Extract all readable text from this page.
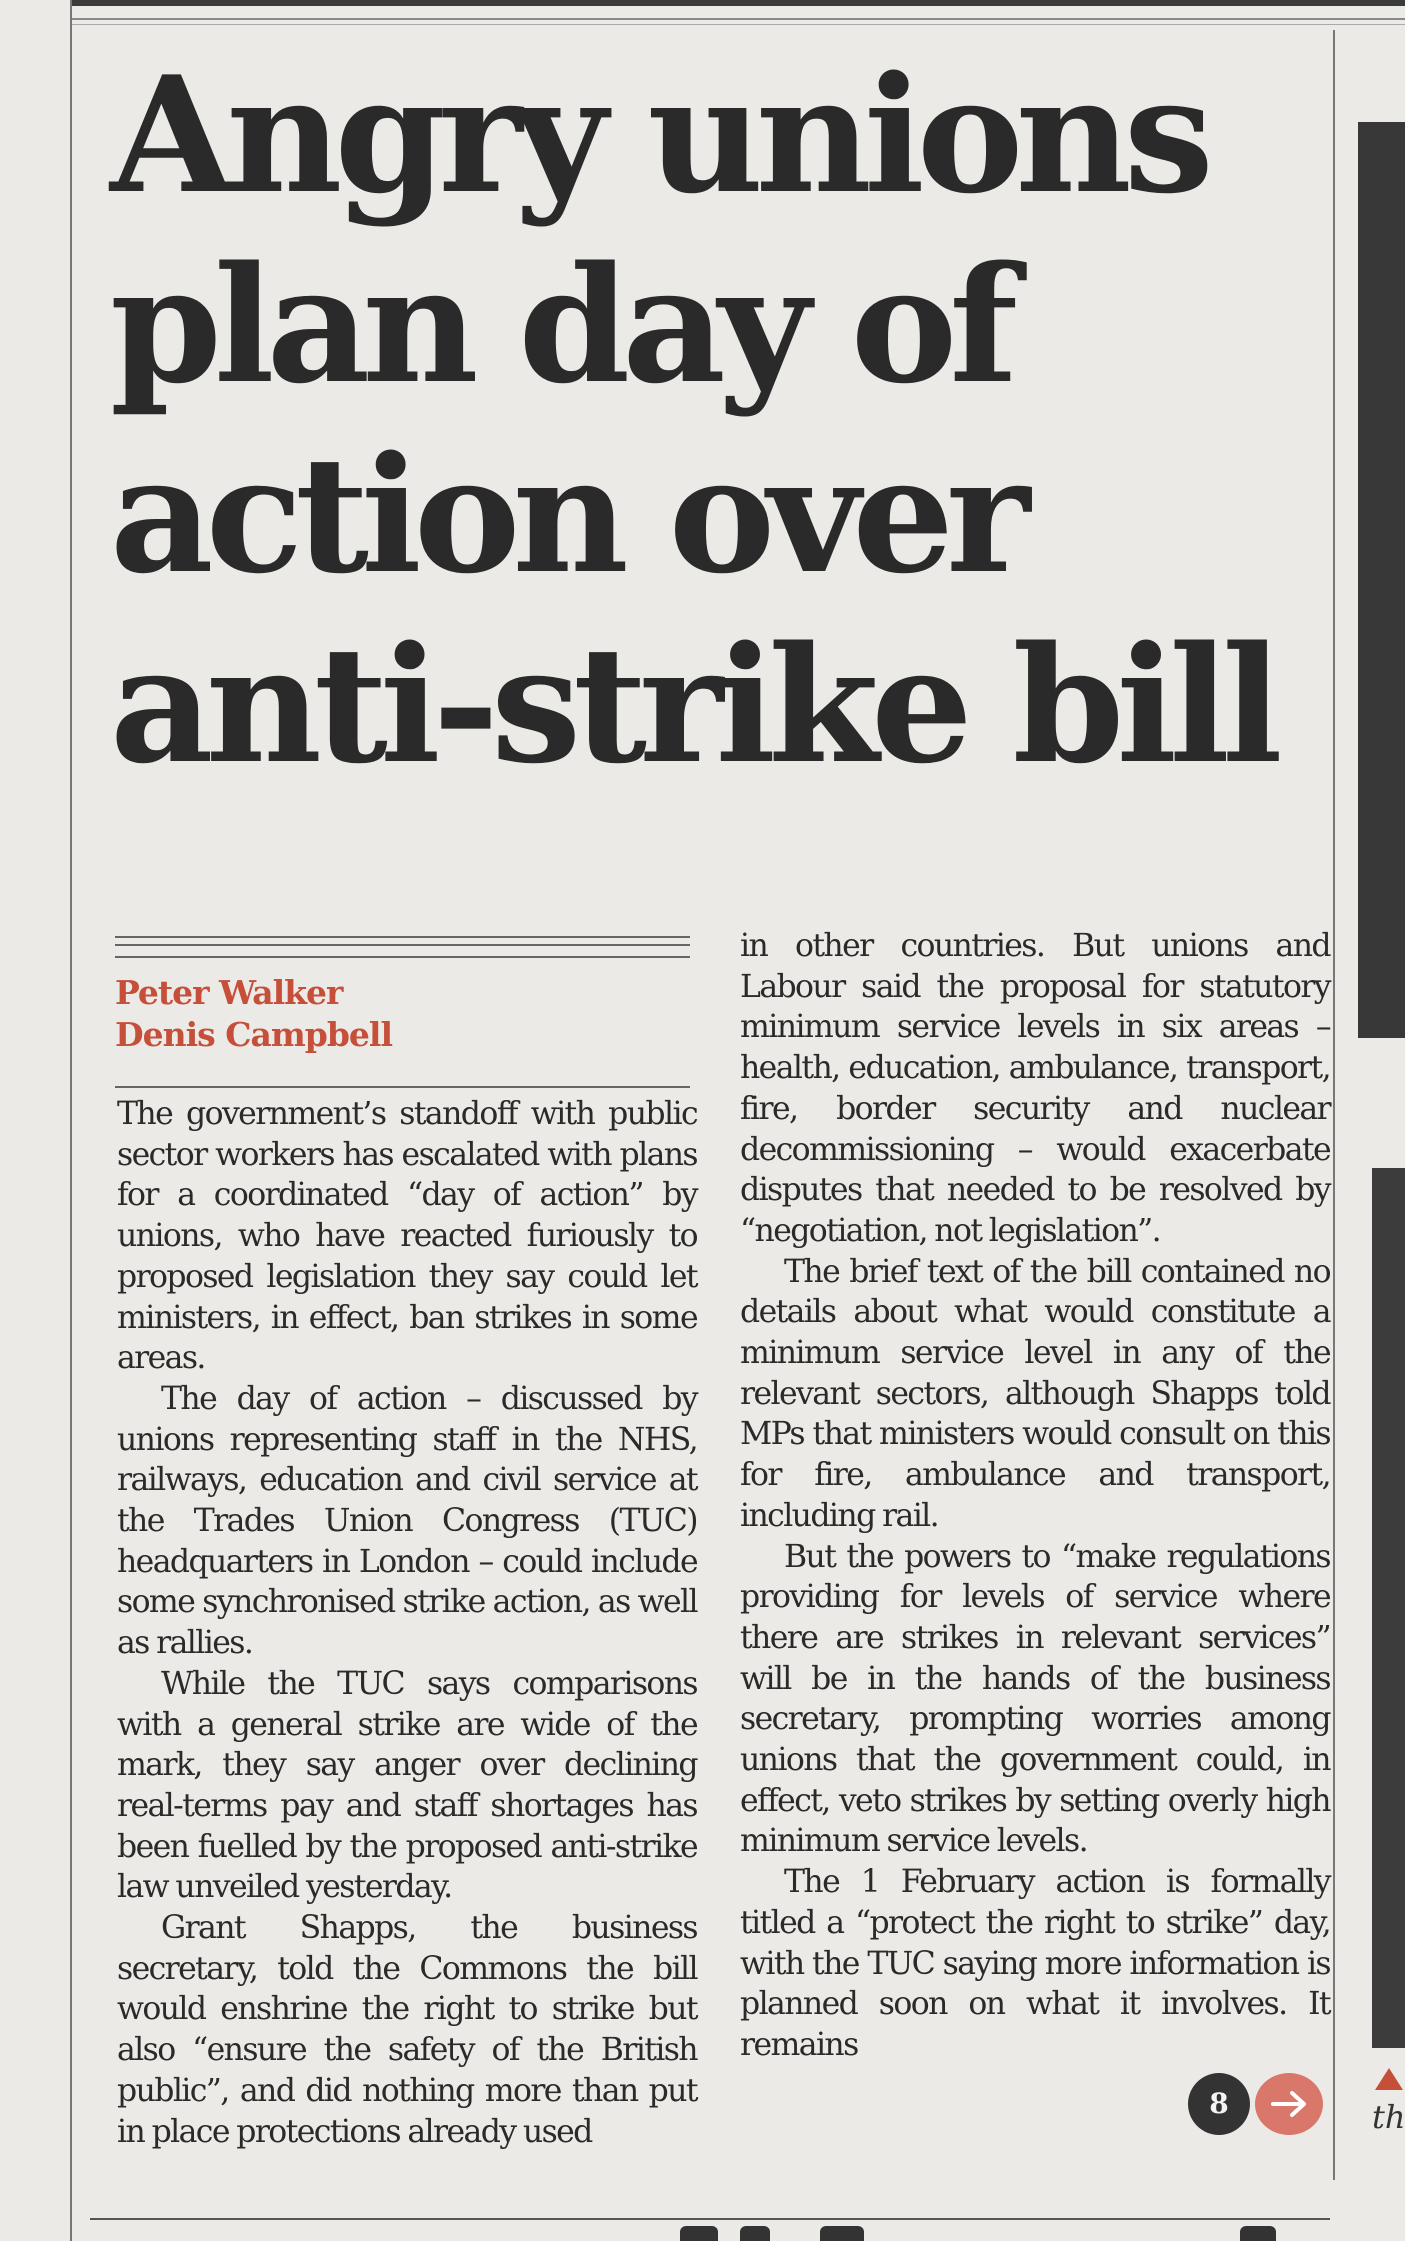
Angry unions plan day of action over anti-strike bill
Peter Walker
Denis Campbell

The government’s standoff with public sector workers has escalated with plans for a coordinated “day of action” by unions, who have reacted furiously to proposed legislation they say could let ministers, in effect, ban strikes in some areas.

The day of action – discussed by unions representing staff in the NHS, railways, education and civil service at the Trades Union Congress (TUC) headquarters in London – could include some synchronised strike action, as well as rallies.

While the TUC says comparisons with a general strike are wide of the mark, they say anger over declining real-terms pay and staff shortages has been fuelled by the proposed anti-strike law unveiled yesterday.

Grant Shapps, the business secretary, told the Commons the bill would enshrine the right to strike but also “ensure the safety of the British public”, and did nothing more than put in place protections already used

in other countries. But unions and Labour said the proposal for statutory minimum service levels in six areas – health, education, ambulance, transport, fire, border security and nuclear decommissioning – would exacerbate disputes that needed to be resolved by “negotiation, not legislation”.

The brief text of the bill contained no details about what would constitute a minimum service level in any of the relevant sectors, although Shapps told MPs that ministers would consult on this for fire, ambulance and transport, including rail.

But the powers to “make regulations providing for levels of service where there are strikes in relevant services” will be in the hands of the business secretary, prompting worries among unions that the government could, in effect, veto strikes by setting overly high minimum service levels.

The 1 February action is formally titled a “protect the right to strike” day, with the TUC saying more information is planned soon on what it involves. It remains

8	th
